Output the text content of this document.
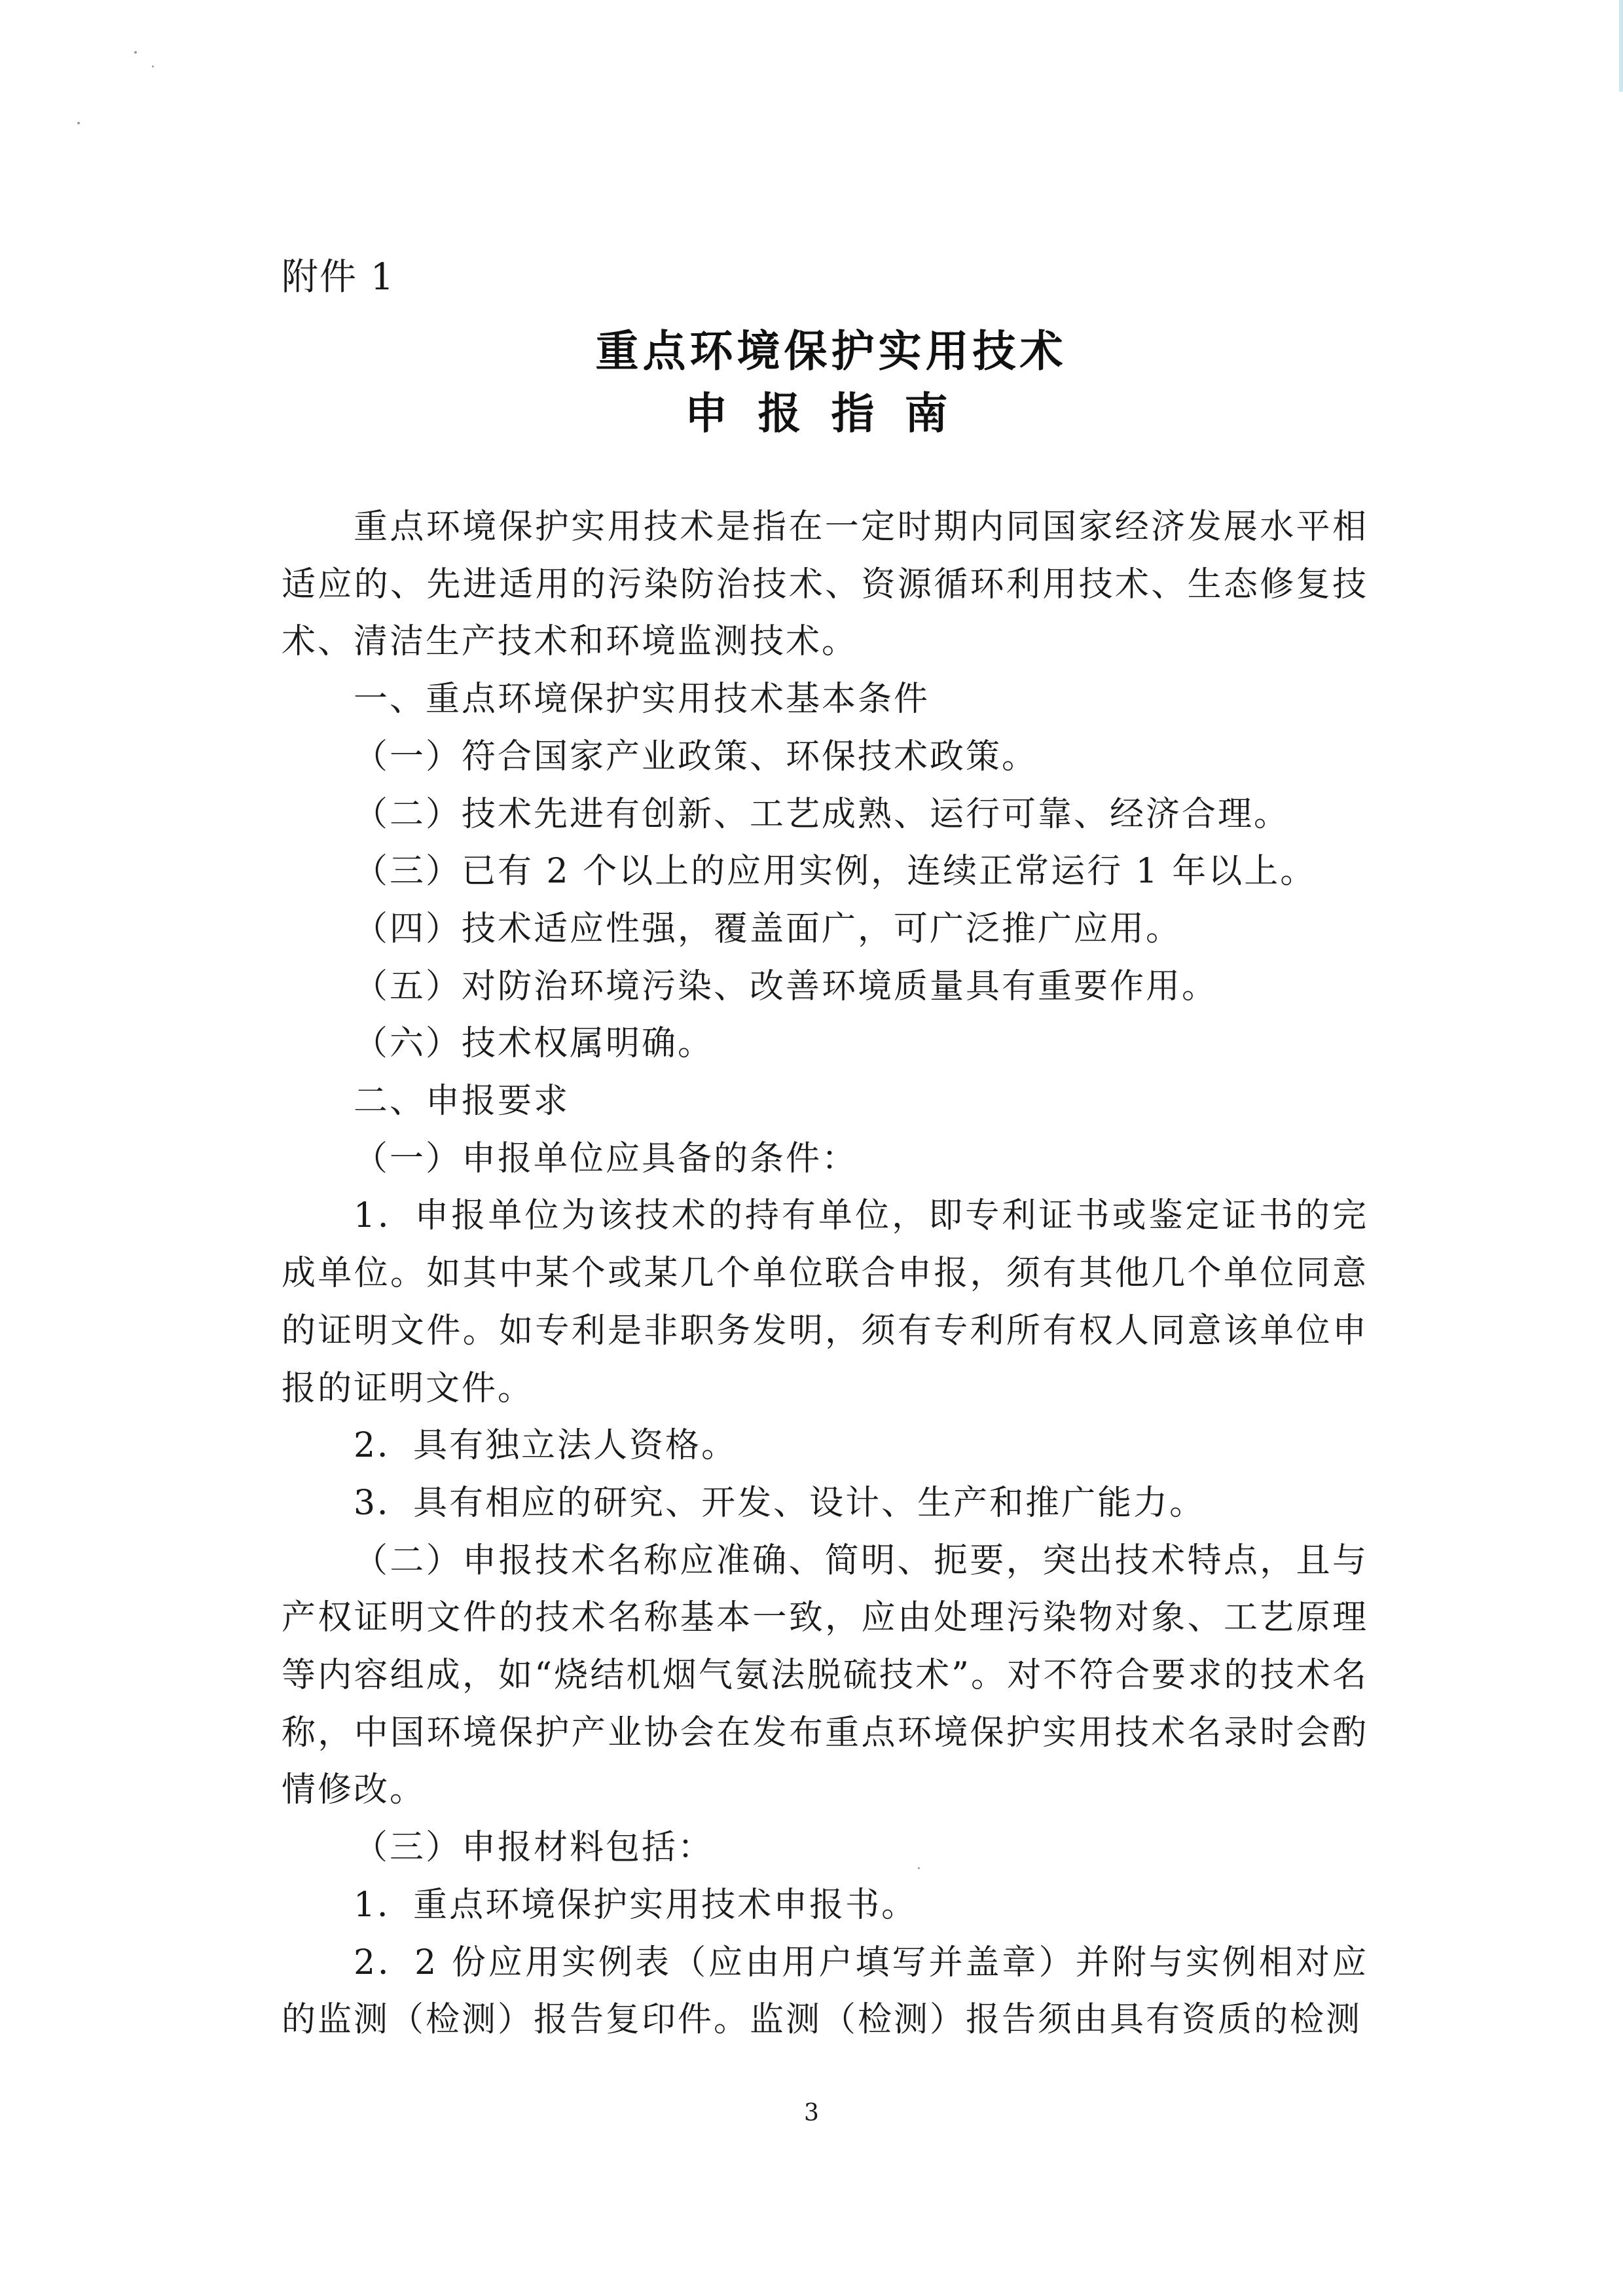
附件 1
重点环境保护实用技术
申报指南

重点环境保护实用技术是指在一定时期内同国家经济发展水平相适应的、先进适用的污染防治技术、资源循环利用技术、生态修复技术、清洁生产技术和环境监测技术。

一、重点环境保护实用技术基本条件

（一）符合国家产业政策、环保技术政策。

（二）技术先进有创新、工艺成熟、运行可靠、经济合理。

（三）已有 2 个以上的应用实例，连续正常运行 1 年以上。

（四）技术适应性强，覆盖面广，可广泛推广应用。

（五）对防治环境污染、改善环境质量具有重要作用。

（六）技术权属明确。

二、申报要求

（一）申报单位应具备的条件：

1．申报单位为该技术的持有单位，即专利证书或鉴定证书的完成单位。如其中某个或某几个单位联合申报，须有其他几个单位同意的证明文件。如专利是非职务发明，须有专利所有权人同意该单位申报的证明文件。

2．具有独立法人资格。

3．具有相应的研究、开发、设计、生产和推广能力。

（二）申报技术名称应准确、简明、扼要，突出技术特点，且与产权证明文件的技术名称基本一致，应由处理污染物对象、工艺原理等内容组成，如“烧结机烟气氨法脱硫技术”。对不符合要求的技术名称，中国环境保护产业协会在发布重点环境保护实用技术名录时会酌情修改。

（三）申报材料包括：

1．重点环境保护实用技术申报书。

2．2 份应用实例表（应由用户填写并盖章）并附与实例相对应的监测（检测）报告复印件。监测（检测）报告须由具有资质的检测

3
